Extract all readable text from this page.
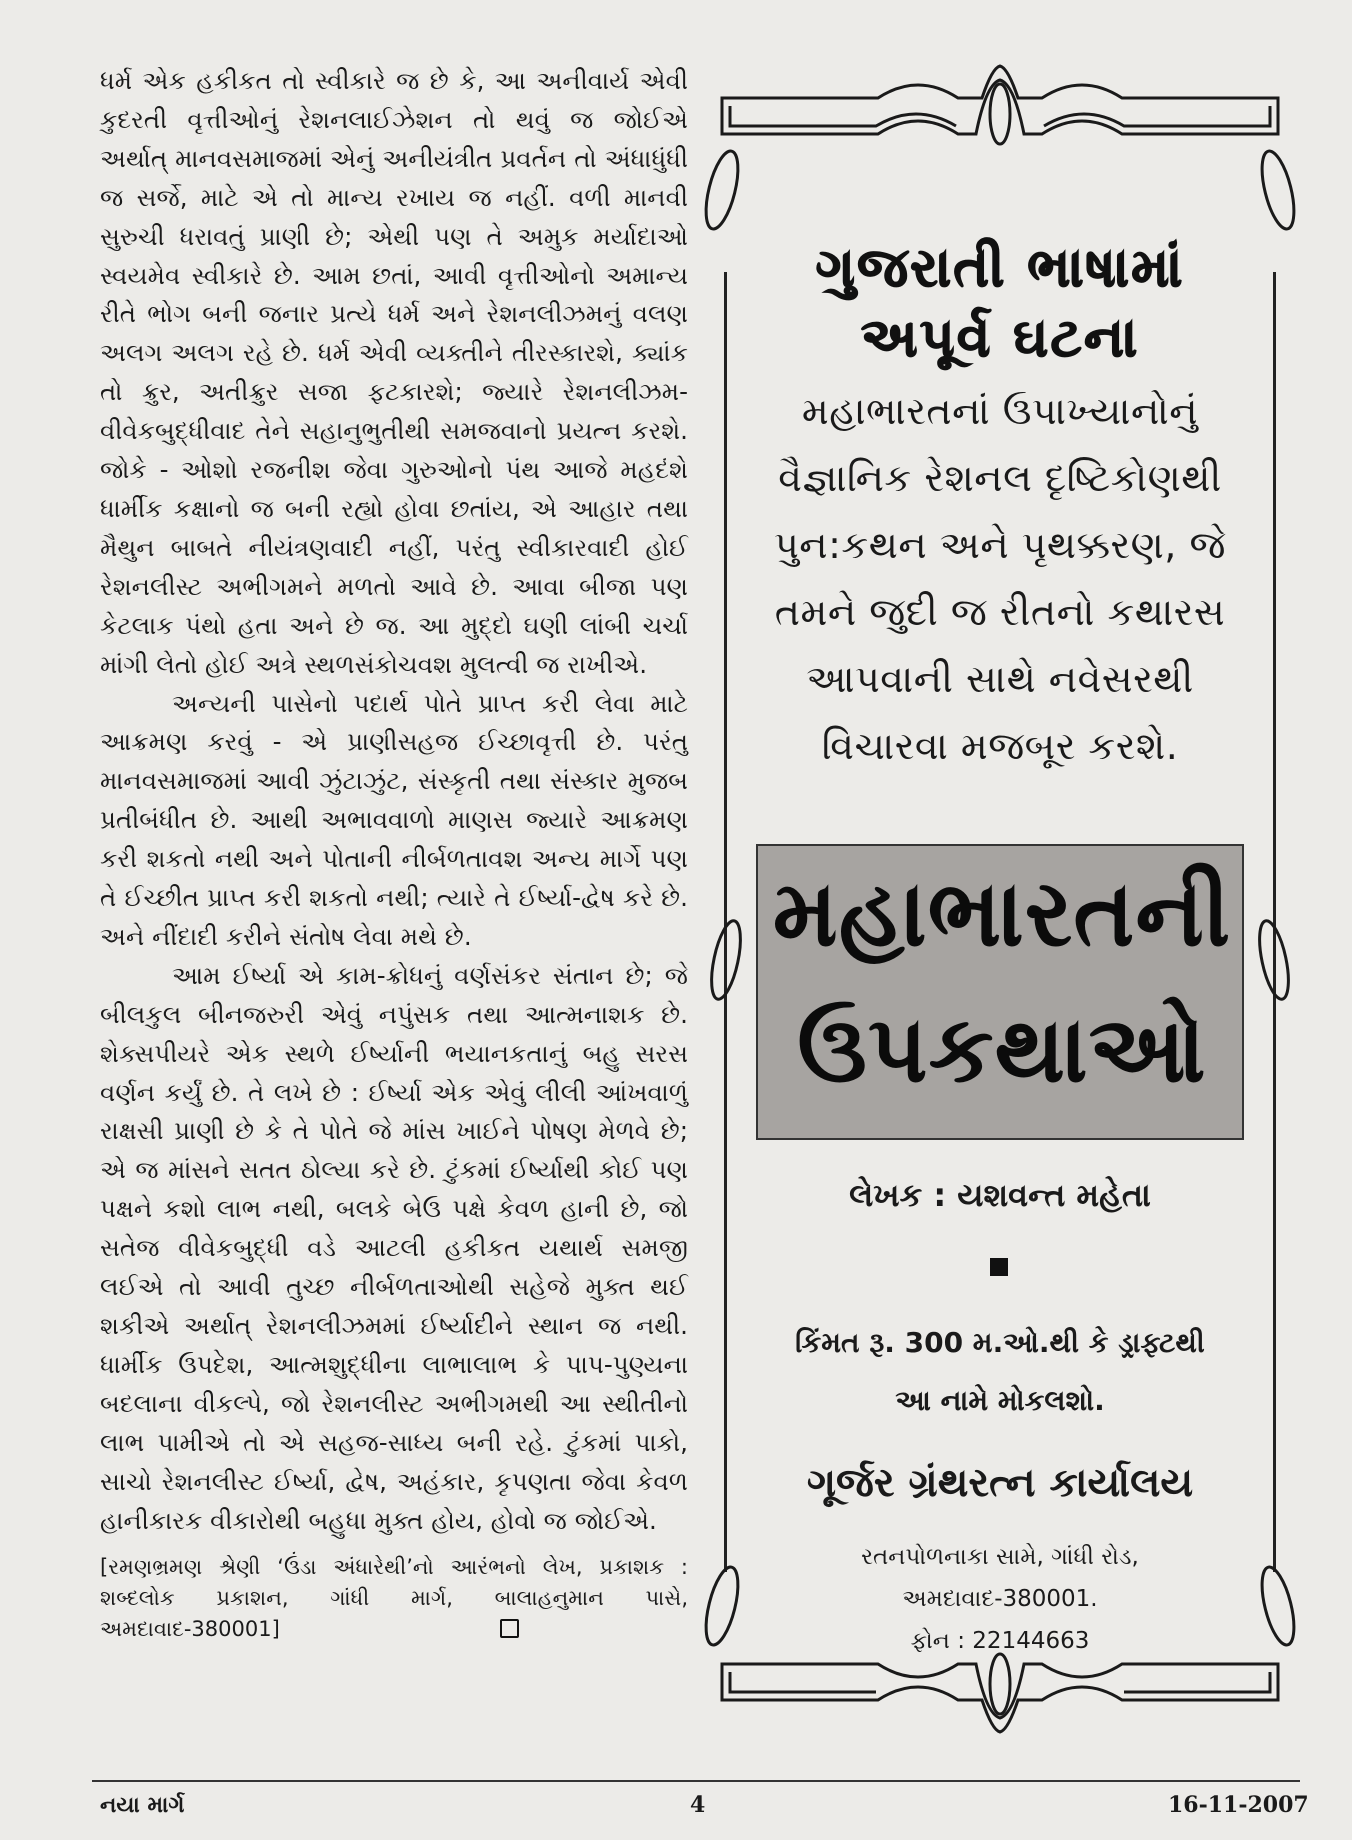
ધર્મ એક હકીકત તો સ્વીકારે જ છે કે, આ અનીવાર્ય એવી કુદરતી વૃત્તીઓનું રેશનલાઈઝેશન તો થવું જ જોઈએ અર્થાત્ માનવસમાજમાં એનું અનીયંત્રીત પ્રવર્તન તો અંધાધુંધી જ સર્જે, માટે એ તો માન્ય રખાય જ નહીં. વળી માનવી સુરુચી ધરાવતું પ્રાણી છે; એથી પણ તે અમુક મર્યાદાઓ સ્વયમેવ સ્વીકારે છે. આમ છતાં, આવી વૃત્તીઓનો અમાન્ય રીતે ભોગ બની જનાર પ્રત્યે ધર્મ અને રેશનલીઝમનું વલણ અલગ અલગ રહે છે. ધર્મ એવી વ્યક્તીને તીરસ્કારશે, ક્યાંક તો ક્રુર, અતીક્રુર સજા ફટકારશે; જ્યારે રેશનલીઝમ-વીવેકબુદ્ધીવાદ તેને સહાનુભુતીથી સમજવાનો પ્રયત્ન કરશે. જોકે - ઓશો રજનીશ જેવા ગુરુઓનો પંથ આજે મહદંશે ધાર્મીક કક્ષાનો જ બની રહ્યો હોવા છતાંય, એ આહાર તથા મૈથુન બાબતે નીયંત્રણવાદી નહીં, પરંતુ સ્વીકારવાદી હોઈ રેશનલીસ્ટ અભીગમને મળતો આવે છે. આવા બીજા પણ કેટલાક પંથો હતા અને છે જ. આ મુદ્દો ઘણી લાંબી ચર્ચા માંગી લેતો હોઈ અત્રે સ્થળસંકોચવશ મુલત્વી જ રાખીએ.

અન્યની પાસેનો પદાર્થ પોતે પ્રાપ્ત કરી લેવા માટે આક્રમણ કરવું - એ પ્રાણીસહજ ઈચ્છાવૃત્તી છે. પરંતુ માનવસમાજમાં આવી ઝુંટાઝુંટ, સંસ્કૃતી તથા સંસ્કાર મુજબ પ્રતીબંધીત છે. આથી અભાવવાળો માણસ જ્યારે આક્રમણ કરી શકતો નથી અને પોતાની નીર્બળતાવશ અન્ય માર્ગે પણ તે ઈચ્છીત પ્રાપ્ત કરી શકતો નથી; ત્યારે તે ઈર્ષ્યા-દ્વેષ કરે છે. અને નીંદાદી કરીને સંતોષ લેવા મથે છે.

આમ ઈર્ષ્યા એ કામ-ક્રોધનું વર્ણસંકર સંતાન છે; જે બીલકુલ બીનજરુરી એવું નપુંસક તથા આત્મનાશક છે. શેક્સપીયરે એક સ્થળે ઈર્ષ્યાની ભયાનકતાનું બહુ સરસ વર્ણન કર્યું છે. તે લખે છે : ઈર્ષ્યા એક એવું લીલી આંખવાળું રાક્ષસી પ્રાણી છે કે તે પોતે જે માંસ ખાઈને પોષણ મેળવે છે; એ જ માંસને સતત ઠોલ્યા કરે છે. ટુંકમાં ઈર્ષ્યાથી કોઈ પણ પક્ષને કશો લાભ નથી, બલકે બેઉ પક્ષે કેવળ હાની છે, જો સતેજ વીવેકબુદ્ધી વડે આટલી હકીકત યથાર્થ સમજી લઈએ તો આવી તુચ્છ નીર્બળતાઓથી સહેજે મુક્ત થઈ શકીએ અર્થાત્ રેશનલીઝમમાં ઈર્ષ્યાદીને સ્થાન જ નથી. ધાર્મીક ઉપદેશ, આત્મશુદ્ધીના લાભાલાભ કે પાપ-પુણ્યના બદલાના વીકલ્પે, જો રેશનલીસ્ટ અભીગમથી આ સ્થીતીનો લાભ પામીએ તો એ સહજ-સાધ્ય બની રહે. ટુંકમાં પાકો, સાચો રેશનલીસ્ટ ઈર્ષ્યા, દ્વેષ, અહંકાર, કૃપણતા જેવા કેવળ હાનીકારક વીકારોથી બહુધા મુક્ત હોય, હોવો જ જોઈએ.

[રમણભ્રમણ શ્રેણી ‘ઉંડા અંધારેથી’નો આરંભનો લેખ, પ્રકાશક : શબ્દલોક પ્રકાશન, ગાંધી માર્ગ, બાલાહનુમાન પાસે, અમદાવાદ-380001]

ગુજરાતી ભાષામાં
અપૂર્વ ઘટના
મહાભારતનાં ઉપાખ્યાનોનું
વૈજ્ઞાનિક રેશનલ દૃષ્ટિકોણથી
પુન:કથન અને પૃથક્કરણ, જે
તમને જુદી જ રીતનો કથારસ
આપવાની સાથે નવેસરથી
વિચારવા મજબૂર કરશે.
મહાભારતની
ઉપકથાઓ
લેખક : યશવન્ત મહેતા
કિંમત રૂ. 300 મ.ઓ.થી કે ડ્રાફ્ટથી
આ નામે મોકલશો.
ગૂર્જર ગ્રંથરત્ન કાર્યાલય
રતનપોળનાકા સામે, ગાંધી રોડ,
અમદાવાદ-380001.
ફોન : 22144663
નયા માર્ગ	4	16-11-2007
